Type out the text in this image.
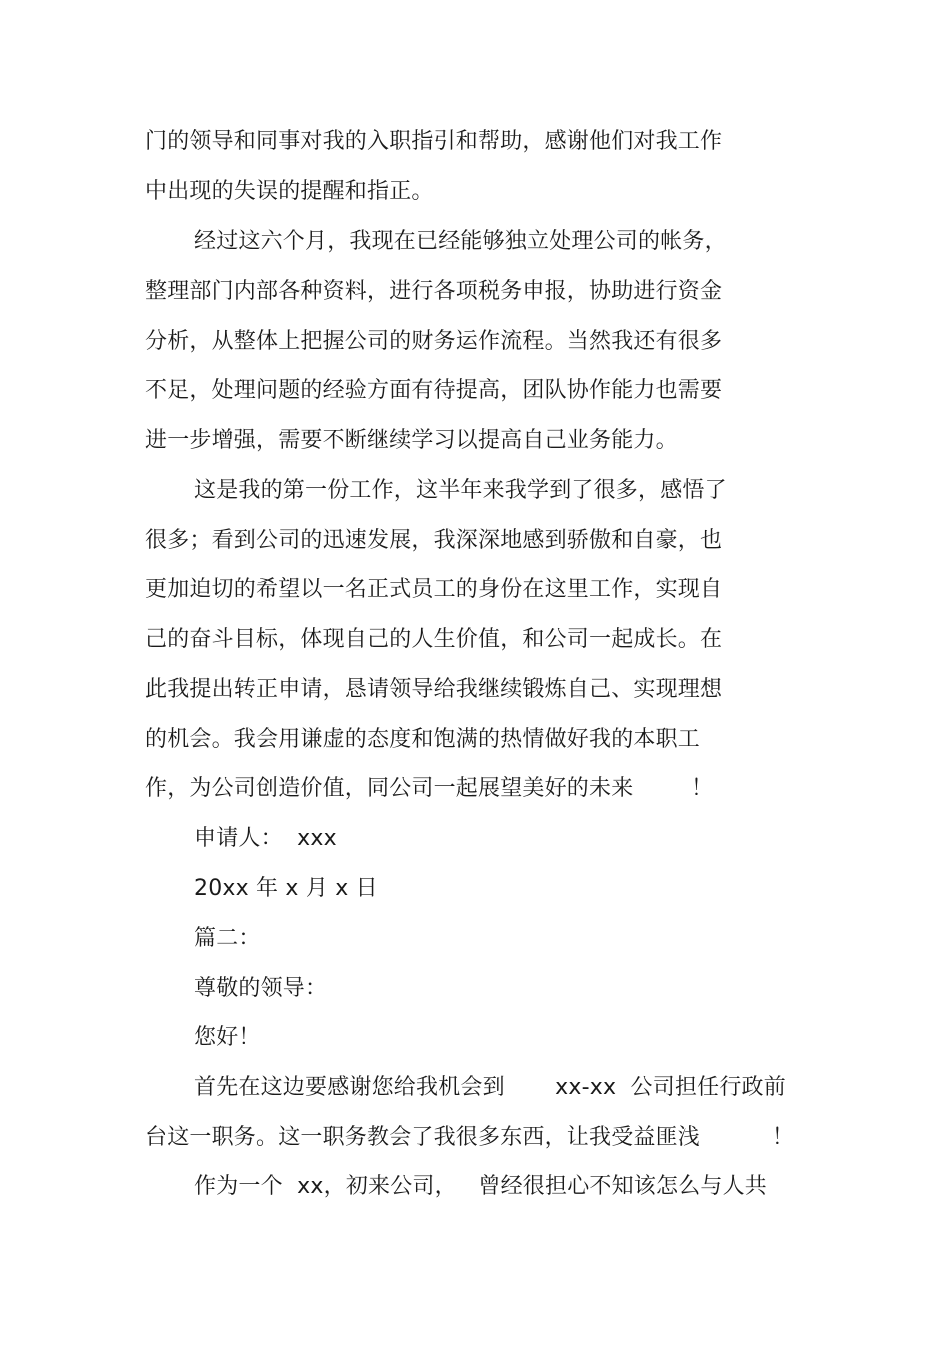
门的领导和同事对我的入职指引和帮助，感谢他们对我工作
中出现的失误的提醒和指正。
经过这六个月，我现在已经能够独立处理公司的帐务，
整理部门内部各种资料，进行各项税务申报，协助进行资金
分析，从整体上把握公司的财务运作流程。当然我还有很多
不足，处理问题的经验方面有待提高，团队协作能力也需要
进一步增强，需要不断继续学习以提高自己业务能力。
这是我的第一份工作，这半年来我学到了很多，感悟了
很多；看到公司的迅速发展，我深深地感到骄傲和自豪，也
更加迫切的希望以一名正式员工的身份在这里工作，实现自
己的奋斗目标，体现自己的人生价值，和公司一起成长。在
此我提出转正申请，恳请领导给我继续锻炼自己、实现理想
的机会。我会用谦虚的态度和饱满的热情做好我的本职工
作，为公司创造价值，同公司一起展望美好的未来        ！
申请人：  xxx
20xx 年 x 月 x 日
篇二：
尊敬的领导：
您好！
首先在这边要感谢您给我机会到       xx-xx  公司担任行政前
台这一职务。这一职务教会了我很多东西，让我受益匪浅          ！
作为一个  xx，初来公司，   曾经很担心不知该怎么与人共
